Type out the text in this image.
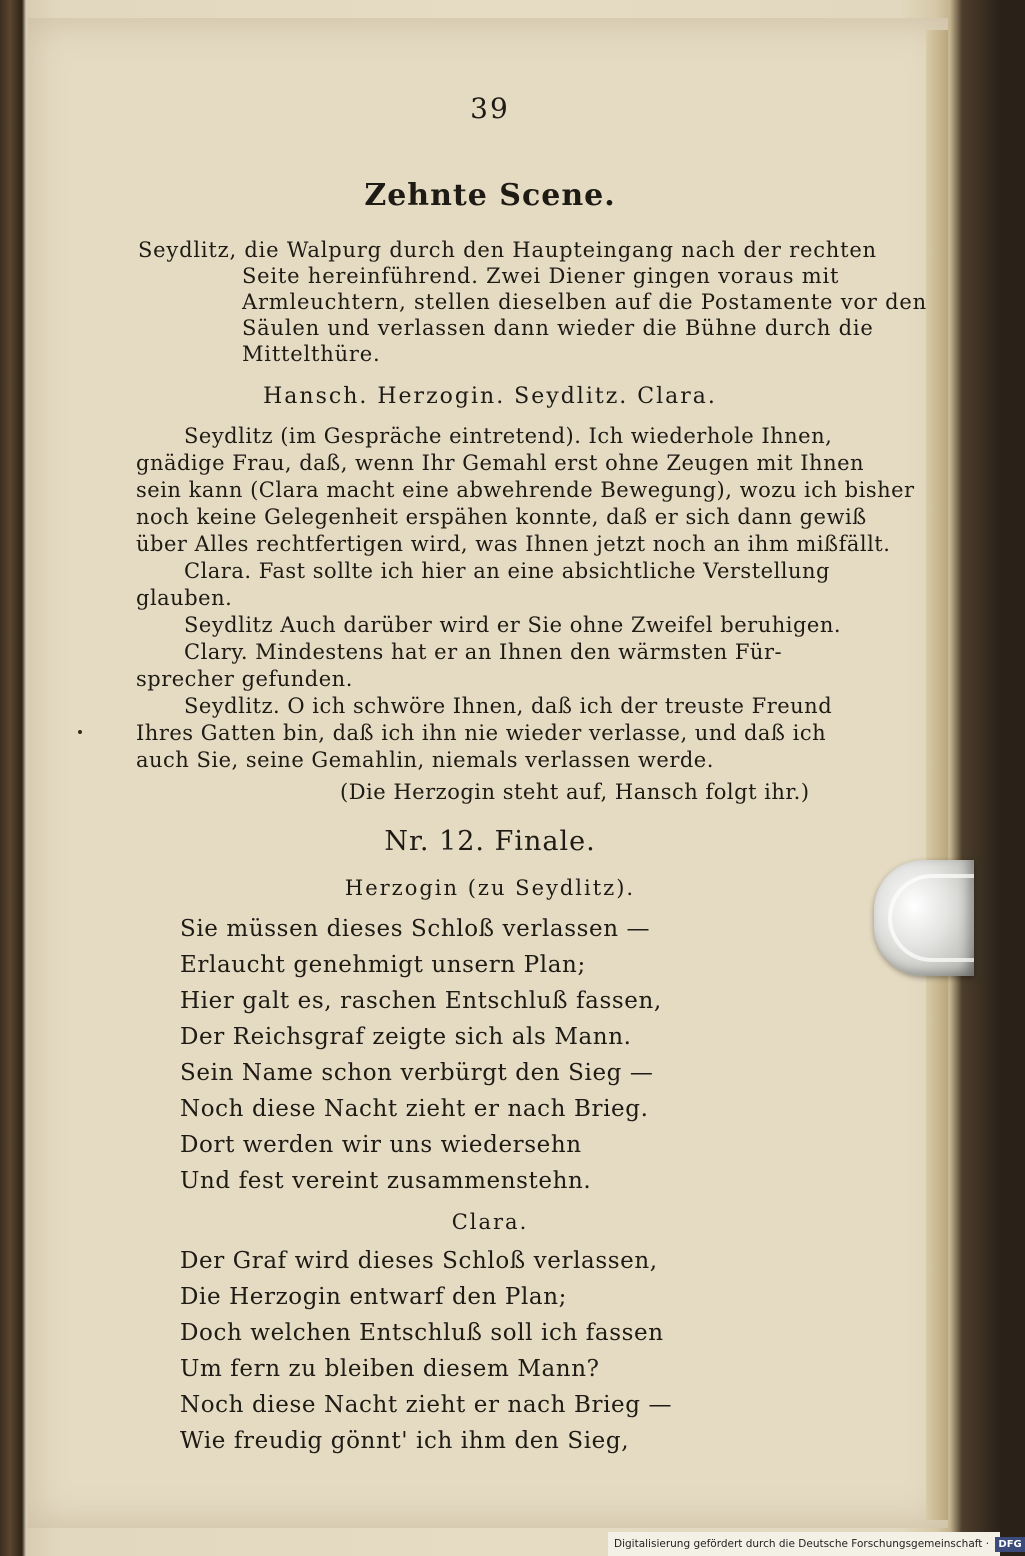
39
Zehnte Scene.
Seydlitz, die Walpurg durch den Haupteingang nach der rechten
Seite hereinführend. Zwei Diener gingen voraus mit
Armleuchtern, stellen dieselben auf die Postamente vor den
Säulen und verlassen dann wieder die Bühne durch die
Mittelthüre.
Hansch. Herzogin. Seydlitz. Clara.
Seydlitz (im Gespräche eintretend). Ich wiederhole Ihnen,
gnädige Frau, daß, wenn Ihr Gemahl erst ohne Zeugen mit Ihnen
sein kann (Clara macht eine abwehrende Bewegung), wozu ich bisher
noch keine Gelegenheit erspähen konnte, daß er sich dann gewiß
über Alles rechtfertigen wird, was Ihnen jetzt noch an ihm mißfällt.
Clara. Fast sollte ich hier an eine absichtliche Verstellung
glauben.
Seydlitz Auch darüber wird er Sie ohne Zweifel beruhigen.
Clary. Mindestens hat er an Ihnen den wärmsten Für-
sprecher gefunden.
Seydlitz. O ich schwöre Ihnen, daß ich der treuste Freund
Ihres Gatten bin, daß ich ihn nie wieder verlasse, und daß ich
auch Sie, seine Gemahlin, niemals verlassen werde.
(Die Herzogin steht auf, Hansch folgt ihr.)
Nr. 12. Finale.
Herzogin (zu Seydlitz).
Sie müssen dieses Schloß verlassen —
Erlaucht genehmigt unsern Plan;
Hier galt es, raschen Entschluß fassen,
Der Reichsgraf zeigte sich als Mann.
Sein Name schon verbürgt den Sieg —
Noch diese Nacht zieht er nach Brieg.
Dort werden wir uns wiedersehn
Und fest vereint zusammenstehn.
Clara.
Der Graf wird dieses Schloß verlassen,
Die Herzogin entwarf den Plan;
Doch welchen Entschluß soll ich fassen
Um fern zu bleiben diesem Mann?
Noch diese Nacht zieht er nach Brieg —
Wie freudig gönnt' ich ihm den Sieg,
Digitalisierung gefördert durch die Deutsche Forschungsgemeinschaft · DFG
